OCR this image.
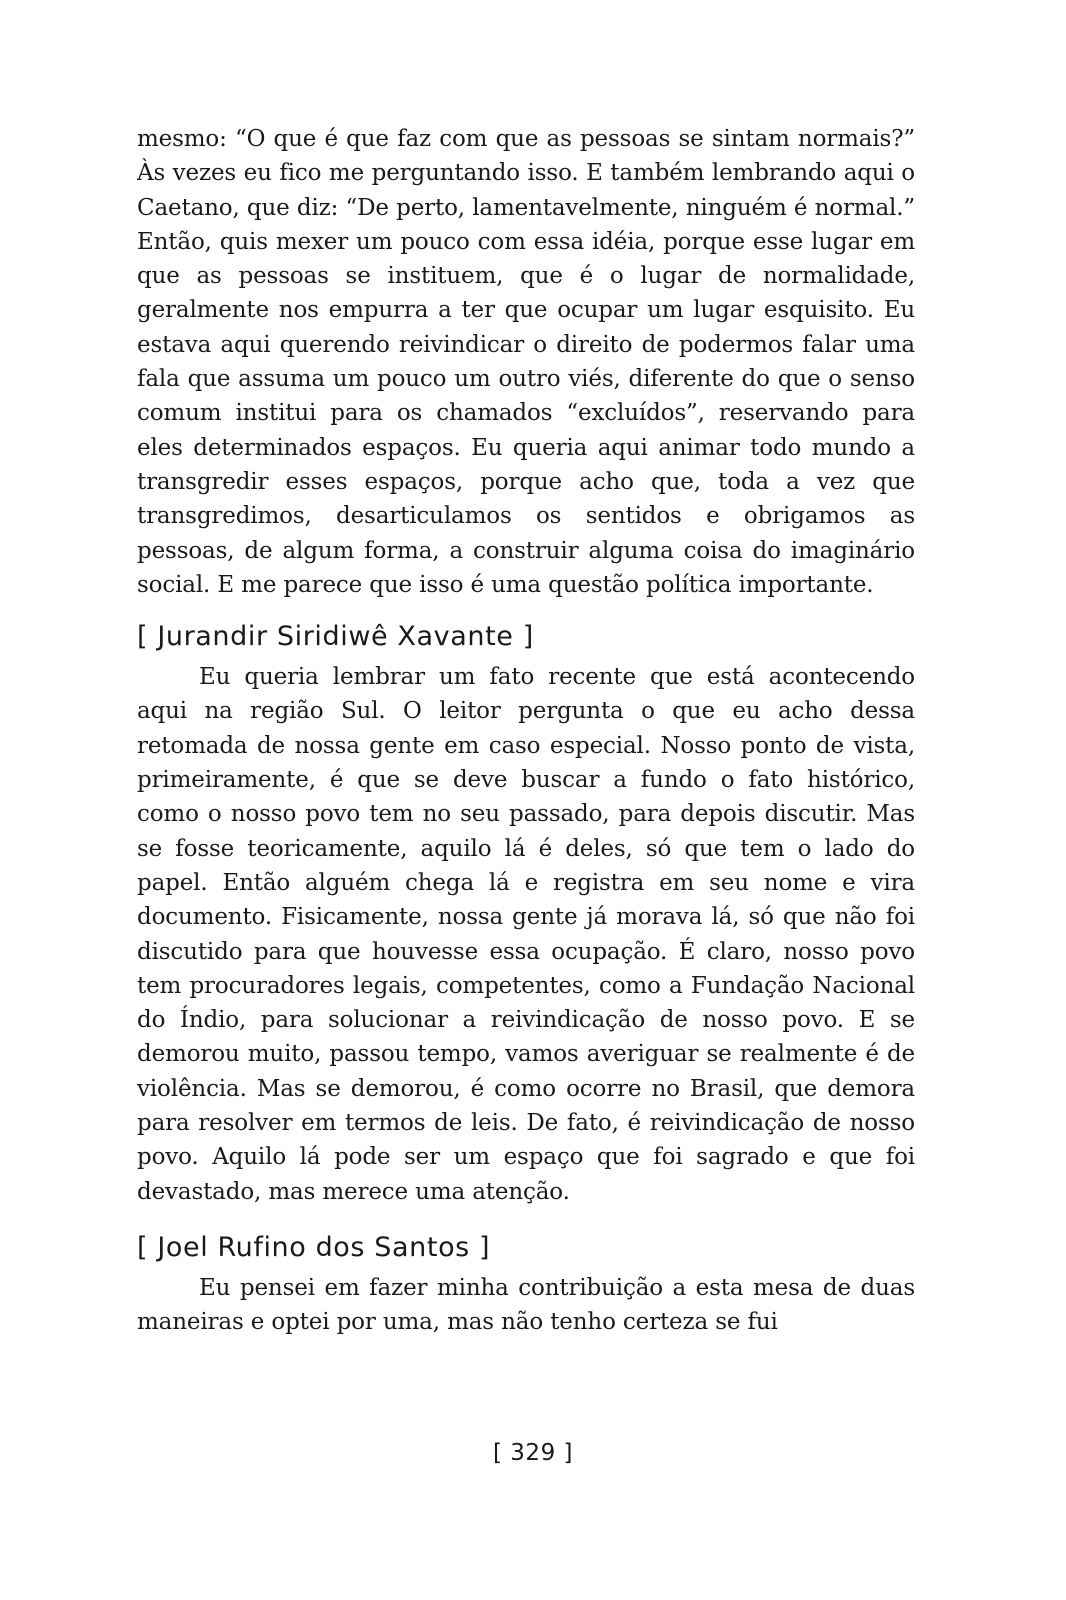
mesmo: “O que é que faz com que as pessoas se sintam normais?” Às vezes eu fico me perguntando isso. E também lembrando aqui o Caetano, que diz: “De perto, lamentavelmente, ninguém é normal.” Então, quis mexer um pouco com essa idéia, porque esse lugar em que as pessoas se instituem, que é o lugar de normalidade, geralmente nos empurra a ter que ocupar um lugar esquisito. Eu estava aqui querendo reivindicar o direito de podermos falar uma fala que assuma um pouco um outro viés, diferente do que o senso comum institui para os chamados “excluídos”, reservando para eles determinados espaços. Eu queria aqui animar todo mundo a transgredir esses espaços, porque acho que, toda a vez que transgredimos, desarticulamos os sentidos e obrigamos as pessoas, de algum forma, a construir alguma coisa do imaginário social. E me parece que isso é uma questão política importante.

[ Jurandir Siridiwê Xavante ]

Eu queria lembrar um fato recente que está acontecendo aqui na região Sul. O leitor pergunta o que eu acho dessa retomada de nossa gente em caso especial. Nosso ponto de vista, primeiramente, é que se deve buscar a fundo o fato histórico, como o nosso povo tem no seu passado, para depois discutir. Mas se fosse teoricamente, aquilo lá é deles, só que tem o lado do papel. Então alguém chega lá e registra em seu nome e vira documento. Fisicamente, nossa gente já morava lá, só que não foi discutido para que houvesse essa ocupação. É claro, nosso povo tem procuradores legais, competentes, como a Fundação Nacional do Índio, para solucionar a reivindicação de nosso povo. E se demorou muito, passou tempo, vamos averiguar se realmente é de violência. Mas se demorou, é como ocorre no Brasil, que demora para resolver em termos de leis. De fato, é reivindicação de nosso povo. Aquilo lá pode ser um espaço que foi sagrado e que foi devastado, mas merece uma atenção.

[ Joel Rufino dos Santos ]

Eu pensei em fazer minha contribuição a esta mesa de duas maneiras e optei por uma, mas não tenho certeza se fui

[ 329 ]
